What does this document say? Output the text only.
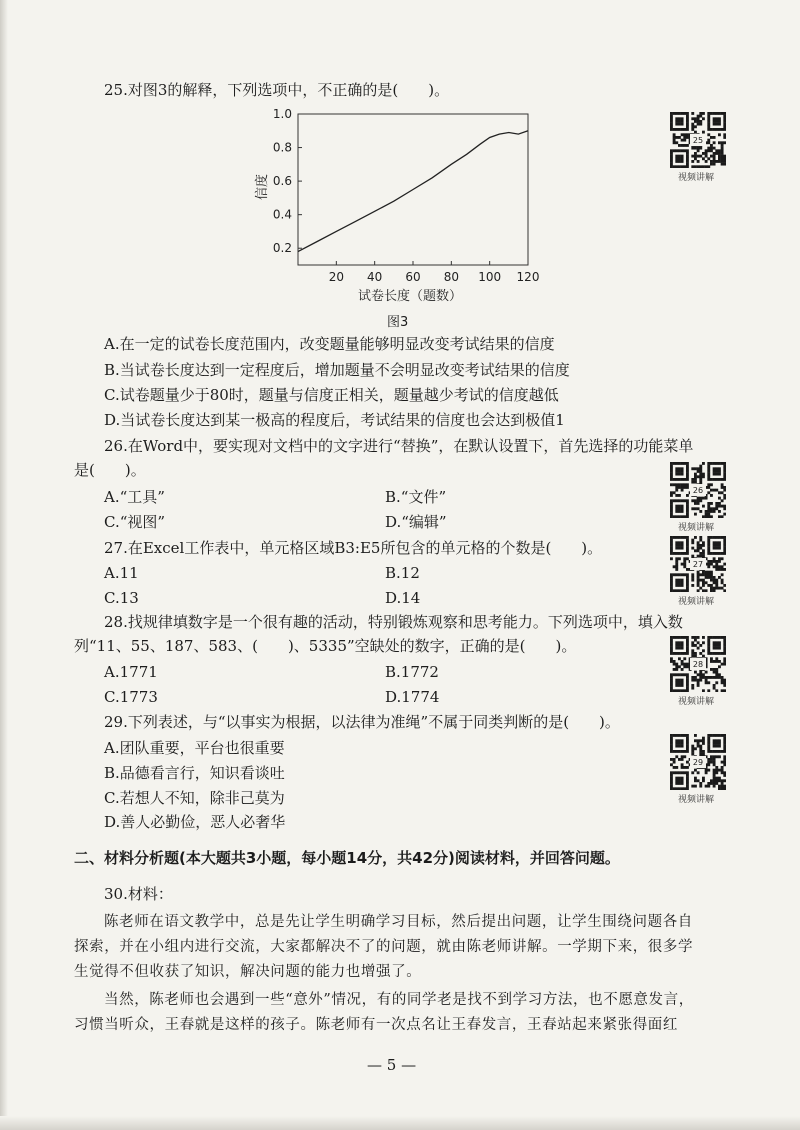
25.对图3的解释，下列选项中，不正确的是(　　)。
20 40 60 80 100 120
0.2
0.4
0.6
0.8
1.0
信度
试卷长度（题数）
图3
A.在一定的试卷长度范围内，改变题量能够明显改变考试结果的信度
B.当试卷长度达到一定程度后，增加题量不会明显改变考试结果的信度
C.试卷题量少于80时，题量与信度正相关，题量越少考试的信度越低
D.当试卷长度达到某一极高的程度后，考试结果的信度也会达到极值1
26.在Word中，要实现对文档中的文字进行“替换”，在默认设置下，首先选择的功能菜单
是(　　)。
A.“工具”	B.“文件”
C.“视图”	D.“编辑”
27.在Excel工作表中，单元格区域B3:E5所包含的单元格的个数是(　　)。
A.11	B.12
C.13	D.14
28.找规律填数字是一个很有趣的活动，特别锻炼观察和思考能力。下列选项中，填入数
列“11、55、187、583、(　　)、5335”空缺处的数字，正确的是(　　)。
A.1771	B.1772
C.1773	D.1774
29.下列表述，与“以事实为根据，以法律为准绳”不属于同类判断的是(　　)。
A.团队重要，平台也很重要
B.品德看言行，知识看谈吐
C.若想人不知，除非己莫为
D.善人必勤俭，恶人必奢华
二、材料分析题(本大题共3小题，每小题14分，共42分)阅读材料，并回答问题。
30.材料：
陈老师在语文教学中，总是先让学生明确学习目标，然后提出问题，让学生围绕问题各自
探索，并在小组内进行交流，大家都解决不了的问题，就由陈老师讲解。一学期下来，很多学
生觉得不但收获了知识，解决问题的能力也增强了。
当然，陈老师也会遇到一些“意外”情况，有的同学老是找不到学习方法，也不愿意发言，
习惯当听众，王春就是这样的孩子。陈老师有一次点名让王春发言，王春站起来紧张得面红
— 5 —
25
视频讲解
26
视频讲解
27
视频讲解
28
视频讲解
29
视频讲解
